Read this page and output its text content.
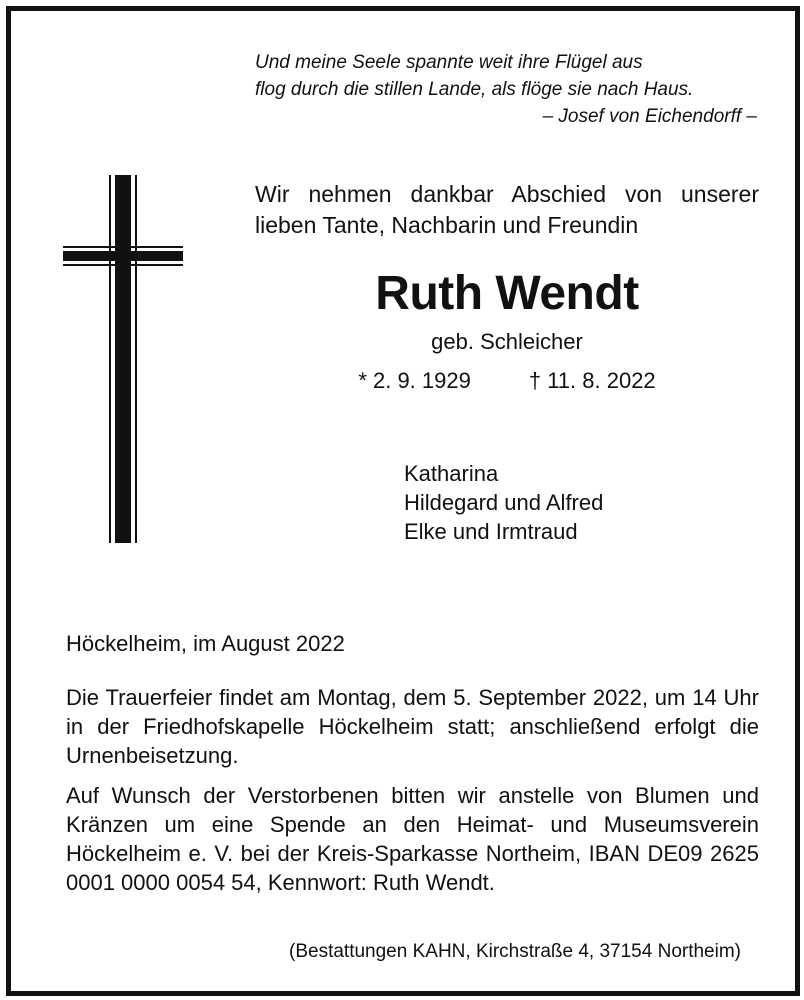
Und meine Seele spannte weit ihre Flügel aus
flog durch die stillen Lande, als flöge sie nach Haus.
– Josef von Eichendorff –
Wir nehmen dankbar Abschied von unserer lieben Tante, Nachbarin und Freundin
Ruth Wendt
geb. Schleicher
* 2. 9. 1929	† 11. 8. 2022
Katharina
Hildegard und Alfred
Elke und Irmtraud
Höckelheim, im August 2022
Die Trauerfeier findet am Montag, dem 5. September 2022, um 14 Uhr in der Friedhofskapelle Höckelheim statt; anschließend erfolgt die Urnenbeisetzung.
Auf Wunsch der Verstorbenen bitten wir anstelle von Blumen und Kränzen um eine Spende an den Heimat- und Museumsverein Höckelheim e. V. bei der Kreis-Sparkasse Northeim, IBAN DE09 2625 0001 0000 0054 54, Kennwort: Ruth Wendt.
(Bestattungen KAHN, Kirchstraße 4, 37154 Northeim)
